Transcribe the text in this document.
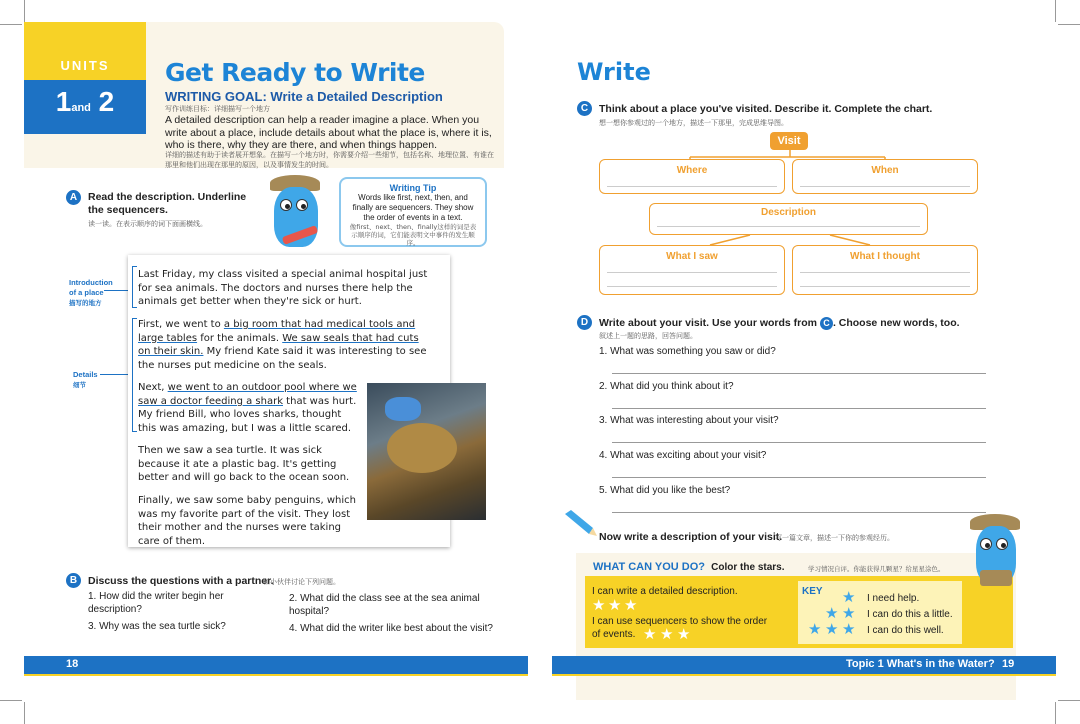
UNITS
1and 2
Get Ready to Write
WRITING GOAL: Write a Detailed Description
写作训练目标：详细描写一个地方
A detailed description can help a reader imagine a place. When you write about a place, include details about what the place is, where it is, who is there, why they are there, and when things happen.
详细的描述有助于读者展开想象。在描写一个地方时，你需要介绍一些细节，包括名称、地理位置、有谁在那里和他们出现在那里的原因，以及事情发生的时间。
A	Read the description. Underline
the sequencers.
读一读。在表示顺序的词下面画横线。
Writing Tip
Words like first, next, then, and finally are sequencers. They show the order of events in a text.
像first、next、then、finally这样的词是表示顺序的词，它们能表明文中事件的发生顺序。
Introduction
of a place
描写的地方
Details
细节
Last Friday, my class visited a special animal hospital just for sea animals. The doctors and nurses there help the animals get better when they're sick or hurt.
First, we went to a big room that had medical tools and large tables for the animals. We saw seals that had cuts on their skin. My friend Kate said it was interesting to see the nurses put medicine on the seals.
Next, we went to an outdoor pool where we saw a doctor feeding a shark that was hurt. My friend Bill, who loves sharks, thought this was amazing, but I was a little scared.
Then we saw a sea turtle. It was sick because it ate a plastic bag. It's getting better and will go back to the ocean soon.
Finally, we saw some baby penguins, which was my favorite part of the visit. They lost their mother and the nurses were taking care of them.
B	Discuss the questions with a partner.
和小伙伴讨论下列问题。
1. How did the writer begin her description?
2. What did the class see at the sea animal hospital?
3. Why was the sea turtle sick?	4. What did the writer like best about the visit?
Write
C	Think about a place you've visited. Describe it. Complete the chart.
想一想你参观过的一个地方，描述一下那里，完成思维导图。
Visit
Where	When
Description
What I saw	What I thought
D	Write about your visit. Use your words from C . Choose new words, too.
叙述上一题的思路，回答问题。
1. What was something you saw or did?
2. What did you think about it?
3. What was interesting about your visit?
4. What was exciting about your visit?
5. What did you like the best?
Now write a description of your visit.
写一篇文章，描述一下你的参观经历。
WHAT CAN YOU DO? Color the stars.	学习情况自评。你能获得几颗星？给星星涂色。
I can write a detailed description.
★ ★ ★
I can use sequencers to show the order
of events. ★ ★ ★
KEY ★ I need help.
★ ★ I can do this a little.
★ ★ ★ I can do this well.
18	Topic 1 What's in the Water? 19
